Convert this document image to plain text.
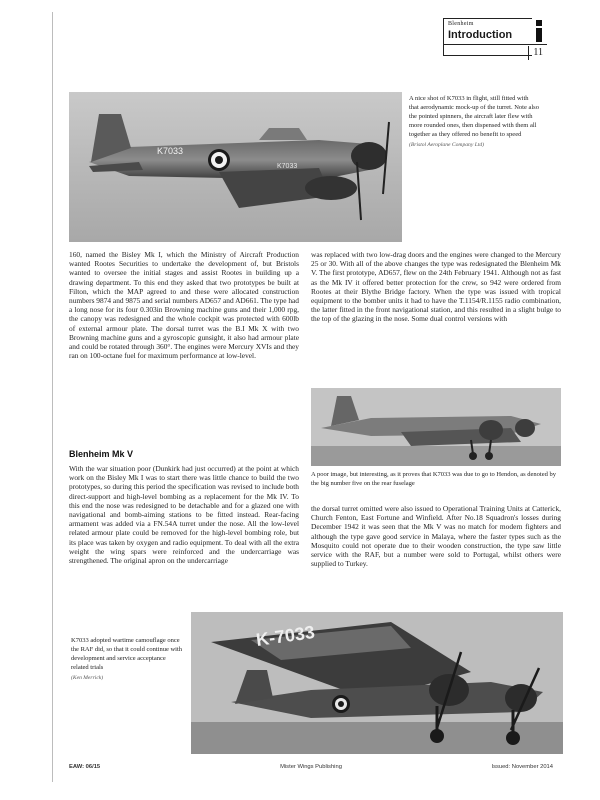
Blenheim
Introduction
11
K7033
K7033
A nice shot of K7033 in flight, still fitted with that aerodynamic mock-up of the turret. Note also the pointed spinners, the aircraft later flew with more rounded ones, then dispensed with them all together as they offered no benefit to speed
(Bristol Aeroplane Company Ltd)
160, named the Bisley Mk I, which the Ministry of Aircraft Production wanted Rootes Securities to undertake the development of, but Bristols wanted to oversee the initial stages and assist Rootes in building up a drawing department. To this end they asked that two prototypes be built at Filton, which the MAP agreed to and these were allocated construction numbers 9874 and 9875 and serial numbers AD657 and AD661. The type had a long nose for its four 0.303in Browning machine guns and their 1,000 rpg, the canopy was redesigned and the whole cockpit was protected with 600lb of external armour plate. The dorsal turret was the B.I Mk X with two Browning machine guns and a gyroscopic gunsight, it also had armour plate and could be rotated through 360°. The engines were Mercury XVIs and they ran on 100-octane fuel for maximum performance at low-level.
was replaced with two low-drag doors and the engines were changed to the Mercury 25 or 30. With all of the above changes the type was redesignated the Blenheim Mk V. The first prototype, AD657, flew on the 24th February 1941. Although not as fast as the Mk IV it offered better protection for the crew, so 942 were ordered from Rootes at their Blythe Bridge factory. When the type was issued with tropical equipment to the bomber units it had to have the T.1154/R.1155 radio combination, the latter fitted in the front navigational station, and this resulted in a slight bulge to the top of the glazing in the nose. Some dual control versions with
A poor image, but interesting, as it proves that K7033 was due to go to Hendon, as denoted by the big number five on the rear fuselage
Blenheim Mk V
With the war situation poor (Dunkirk had just occurred) at the point at which work on the Bisley Mk I was to start there was little chance to build the two prototypes, so during this period the specification was revised to include both direct-support and high-level bombing as a replacement for the Mk IV. To this end the nose was redesigned to be detachable and for a glazed one with navigational and bomb-aiming stations to be fitted instead. Rear-facing armament was added via a FN.54A turret under the nose. All the low-level related armour plate could be removed for the high-level bombing role, but its place was taken by oxygen and radio equipment. To deal with all the extra weight the wing spars were reinforced and the undercarriage was strengthened. The original apron on the undercarriage
the dorsal turret omitted were also issued to Operational Training Units at Catterick, Church Fenton, East Fortune and Winfield. After No.18 Squadron's losses during December 1942 it was seen that the Mk V was no match for modern fighters and although the type gave good service in Malaya, where the faster types such as the Mosquito could not operate due to their wooden construction, the type saw little service with the RAF, but a number were sold to Portugal, whilst others were supplied to Turkey.
K-7033
K7033 adopted wartime camouflage once the RAF did, so that it could continue with development and service acceptance related trials
(Ken Merrick)
EAW: 06/15	Mister Wings Publishing	Issued: November 2014
